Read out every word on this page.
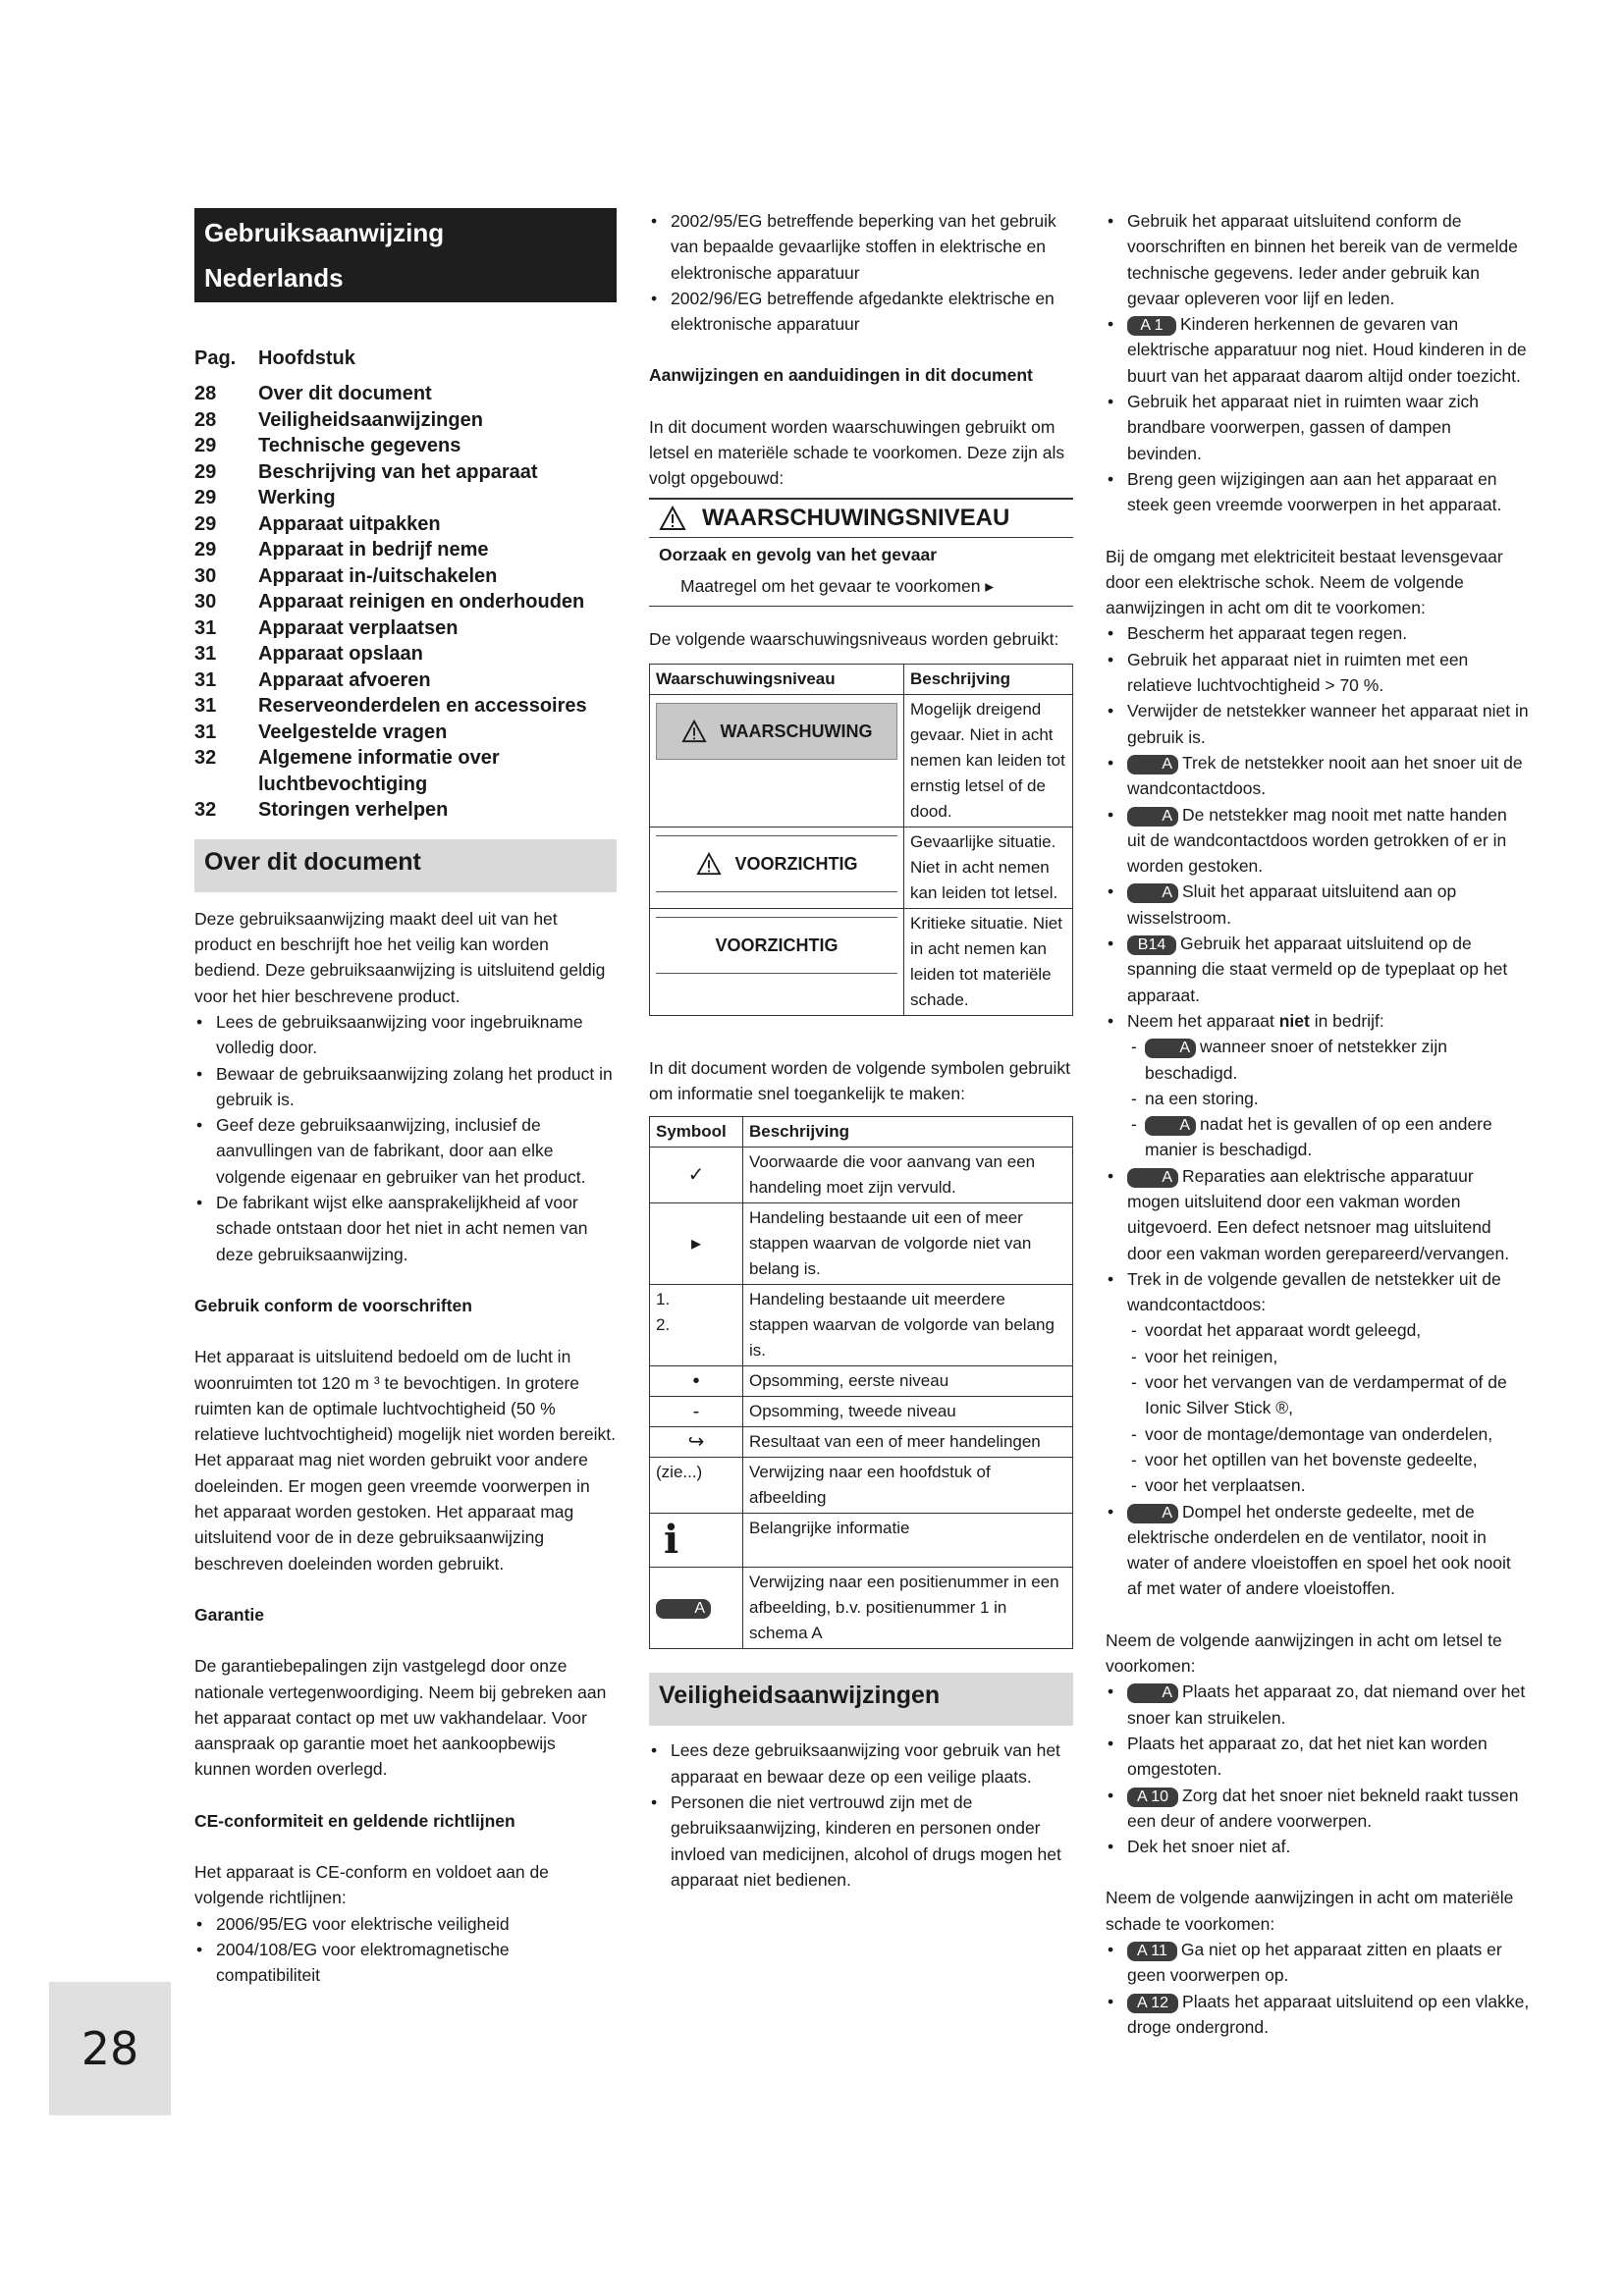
Gebruiksaanwijzing
Nederlands
Pag.	Hoofdstuk
28	Over dit document
28	Veiligheidsaanwijzingen
29	Technische gegevens
29	Beschrijving van het apparaat
29	Werking
29	Apparaat uitpakken
29	Apparaat in bedrijf neme
30	Apparaat in-/uitschakelen
30	Apparaat reinigen en onderhouden
31	Apparaat verplaatsen
31	Apparaat opslaan
31	Apparaat afvoeren
31	Reserveonderdelen en accessoires
31	Veelgestelde vragen
32	Algemene informatie over luchtbevochtiging
32	Storingen verhelpen
Over dit document

Deze gebruiksaanwijzing maakt deel uit van het product en beschrijft hoe het veilig kan worden bediend. Deze gebruiksaanwijzing is uitsluitend geldig voor het hier beschrevene product.

• Lees de gebruiksaanwijzing voor ingebruikname volledig door.
• Bewaar de gebruiksaanwijzing zolang het product in gebruik is.
• Geef deze gebruiksaanwijzing, inclusief de aanvullingen van de fabrikant, door aan elke volgende eigenaar en gebruiker van het product.
• De fabrikant wijst elke aansprakelijkheid af voor schade ontstaan door het niet in acht nemen van deze gebruiksaanwijzing.
Gebruik conform de voorschriften

Het apparaat is uitsluitend bedoeld om de lucht in woonruimten tot 120 m ³ te bevochtigen. In grotere ruimten kan de optimale luchtvochtigheid (50 % relatieve luchtvochtigheid) mogelijk niet worden bereikt. Het apparaat mag niet worden gebruikt voor andere doeleinden. Er mogen geen vreemde voorwerpen in het apparaat worden gestoken. Het apparaat mag uitsluitend voor de in deze gebruiksaanwijzing beschreven doeleinden worden gebruikt.

Garantie

De garantiebepalingen zijn vastgelegd door onze nationale vertegenwoordiging. Neem bij gebreken aan het apparaat contact op met uw vakhandelaar. Voor aanspraak op garantie moet het aankoopbewijs kunnen worden overlegd.

CE-conformiteit en geldende richtlijnen

Het apparaat is CE-conform en voldoet aan de volgende richtlijnen:

• 2006/95/EG voor elektrische veiligheid
• 2004/108/EG voor elektromagnetische compatibiliteit
• 2002/95/EG betreffende beperking van het gebruik van bepaalde gevaarlijke stoffen in elektrische en elektronische apparatuur
• 2002/96/EG betreffende afgedankte elektrische en elektronische apparatuur
Aanwijzingen en aanduidingen in dit document

In dit document worden waarschuwingen gebruikt om letsel en materiële schade te voorkomen. Deze zijn als volgt opgebouwd:

WAARSCHUWINGSNIVEAU
Oorzaak en gevolg van het gevaar
Maatregel om het gevaar te voorkomen ▸

De volgende waarschuwingsniveaus worden gebruikt:

Waarschuwingsniveau	Beschrijving

WAARSCHUWING	Mogelijk dreigend gevaar. Niet in acht nemen kan leiden tot ernstig letsel of de dood.

VOORZICHTIG	Gevaarlijke situatie. Niet in acht nemen kan leiden tot letsel.

VOORZICHTIG	Kritieke situatie. Niet in acht nemen kan leiden tot materiële schade.

In dit document worden de volgende symbolen gebruikt om informatie snel toegankelijk te maken:

Symbool	Beschrijving
✓	Voorwaarde die voor aanvang van een handeling moet zijn vervuld.
▸	Handeling bestaande uit een of meer stappen waarvan de volgorde niet van belang is.
1.
2.	Handeling bestaande uit meerdere stappen waarvan de volgorde van belang is.
•	Opsomming, eerste niveau
-	Opsomming, tweede niveau
↪	Resultaat van een of meer handelingen
(zie...)	Verwijzing naar een hoofdstuk of afbeelding
i	Belangrijke informatie
A	Verwijzing naar een positienummer in een afbeelding, b.v. positienummer 1 in schema A
Veiligheidsaanwijzingen
• Lees deze gebruiksaanwijzing voor gebruik van het apparaat en bewaar deze op een veilige plaats.
• Personen die niet vertrouwd zijn met de gebruiksaanwijzing, kinderen en personen onder invloed van medicijnen, alcohol of drugs mogen het apparaat niet bedienen.
• Gebruik het apparaat uitsluitend conform de voorschriften en binnen het bereik van de vermelde technische gegevens. Ieder ander gebruik kan gevaar opleveren voor lijf en leden.
• A 1 Kinderen herkennen de gevaren van elektrische apparatuur nog niet. Houd kinderen in de buurt van het apparaat daarom altijd onder toezicht.
• Gebruik het apparaat niet in ruimten waar zich brandbare voorwerpen, gassen of dampen bevinden.
• Breng geen wijzigingen aan aan het apparaat en steek geen vreemde voorwerpen in het apparaat.

Bij de omgang met elektriciteit bestaat levensgevaar door een elektrische schok. Neem de volgende aanwijzingen in acht om dit te voorkomen:

• Bescherm het apparaat tegen regen.
• Gebruik het apparaat niet in ruimten met een relatieve luchtvochtigheid > 70 %.
• Verwijder de netstekker wanneer het apparaat niet in gebruik is.
• A Trek de netstekker nooit aan het snoer uit de wandcontactdoos.
• A De netstekker mag nooit met natte handen uit de wandcontactdoos worden getrokken of er in worden gestoken.
• A Sluit het apparaat uitsluitend aan op wisselstroom.
• B14 Gebruik het apparaat uitsluitend op de spanning die staat vermeld op de typeplaat op het apparaat.
• Neem het apparaat niet in bedrijf:
- A wanneer snoer of netstekker zijn beschadigd.
- na een storing.
- A nadat het is gevallen of op een andere manier is beschadigd.
• A Reparaties aan elektrische apparatuur mogen uitsluitend door een vakman worden uitgevoerd. Een defect netsnoer mag uitsluitend door een vakman worden gerepareerd/vervangen.
• Trek in de volgende gevallen de netstekker uit de wandcontactdoos:
- voordat het apparaat wordt geleegd,
- voor het reinigen,
- voor het vervangen van de verdampermat of de Ionic Silver Stick ®,
- voor de montage/demontage van onderdelen,
- voor het optillen van het bovenste gedeelte,
- voor het verplaatsen.
• A Dompel het onderste gedeelte, met de elektrische onderdelen en de ventilator, nooit in water of andere vloeistoffen en spoel het ook nooit af met water of andere vloeistoffen.

Neem de volgende aanwijzingen in acht om letsel te voorkomen:

• A Plaats het apparaat zo, dat niemand over het snoer kan struikelen.
• Plaats het apparaat zo, dat het niet kan worden omgestoten.
• A 10 Zorg dat het snoer niet bekneld raakt tussen een deur of andere voorwerpen.
• Dek het snoer niet af.

Neem de volgende aanwijzingen in acht om materiële schade te voorkomen:

• A 11 Ga niet op het apparaat zitten en plaats er geen voorwerpen op.
• A 12 Plaats het apparaat uitsluitend op een vlakke, droge ondergrond.
28
